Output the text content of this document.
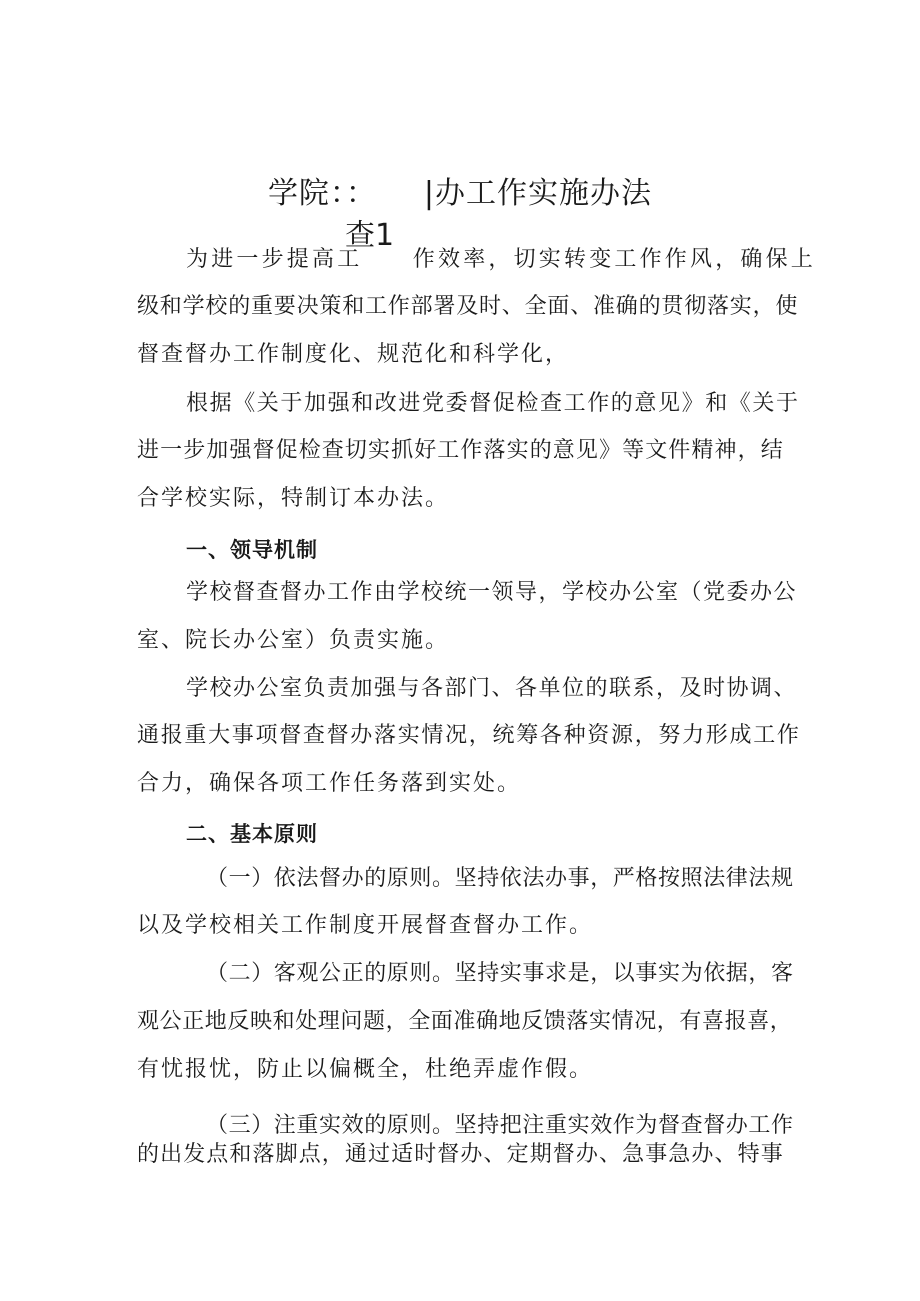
学院：：　　|办工作实施办法
查1
为进一步提高工　　作效率，切实转变工作作风，确保上
级和学校的重要决策和工作部署及时、全面、准确的贯彻落实，使
督查督办工作制度化、规范化和科学化，
根据《关于加强和改进党委督促检查工作的意见》和《关于
进一步加强督促检查切实抓好工作落实的意见》等文件精神，结
合学校实际，特制订本办法。
一、领导机制
学校督查督办工作由学校统一领导，学校办公室（党委办公
室、院长办公室）负责实施。
学校办公室负责加强与各部门、各单位的联系，及时协调、
通报重大事项督查督办落实情况，统筹各种资源，努力形成工作
合力，确保各项工作任务落到实处。
二、基本原则
（一）依法督办的原则。坚持依法办事，严格按照法律法规
以及学校相关工作制度开展督查督办工作。
（二）客观公正的原则。坚持实事求是，以事实为依据，客
观公正地反映和处理问题，全面准确地反馈落实情况，有喜报喜，
有忧报忧，防止以偏概全，杜绝弄虚作假。
（三）注重实效的原则。坚持把注重实效作为督查督办工作
的出发点和落脚点，通过适时督办、定期督办、急事急办、特事
